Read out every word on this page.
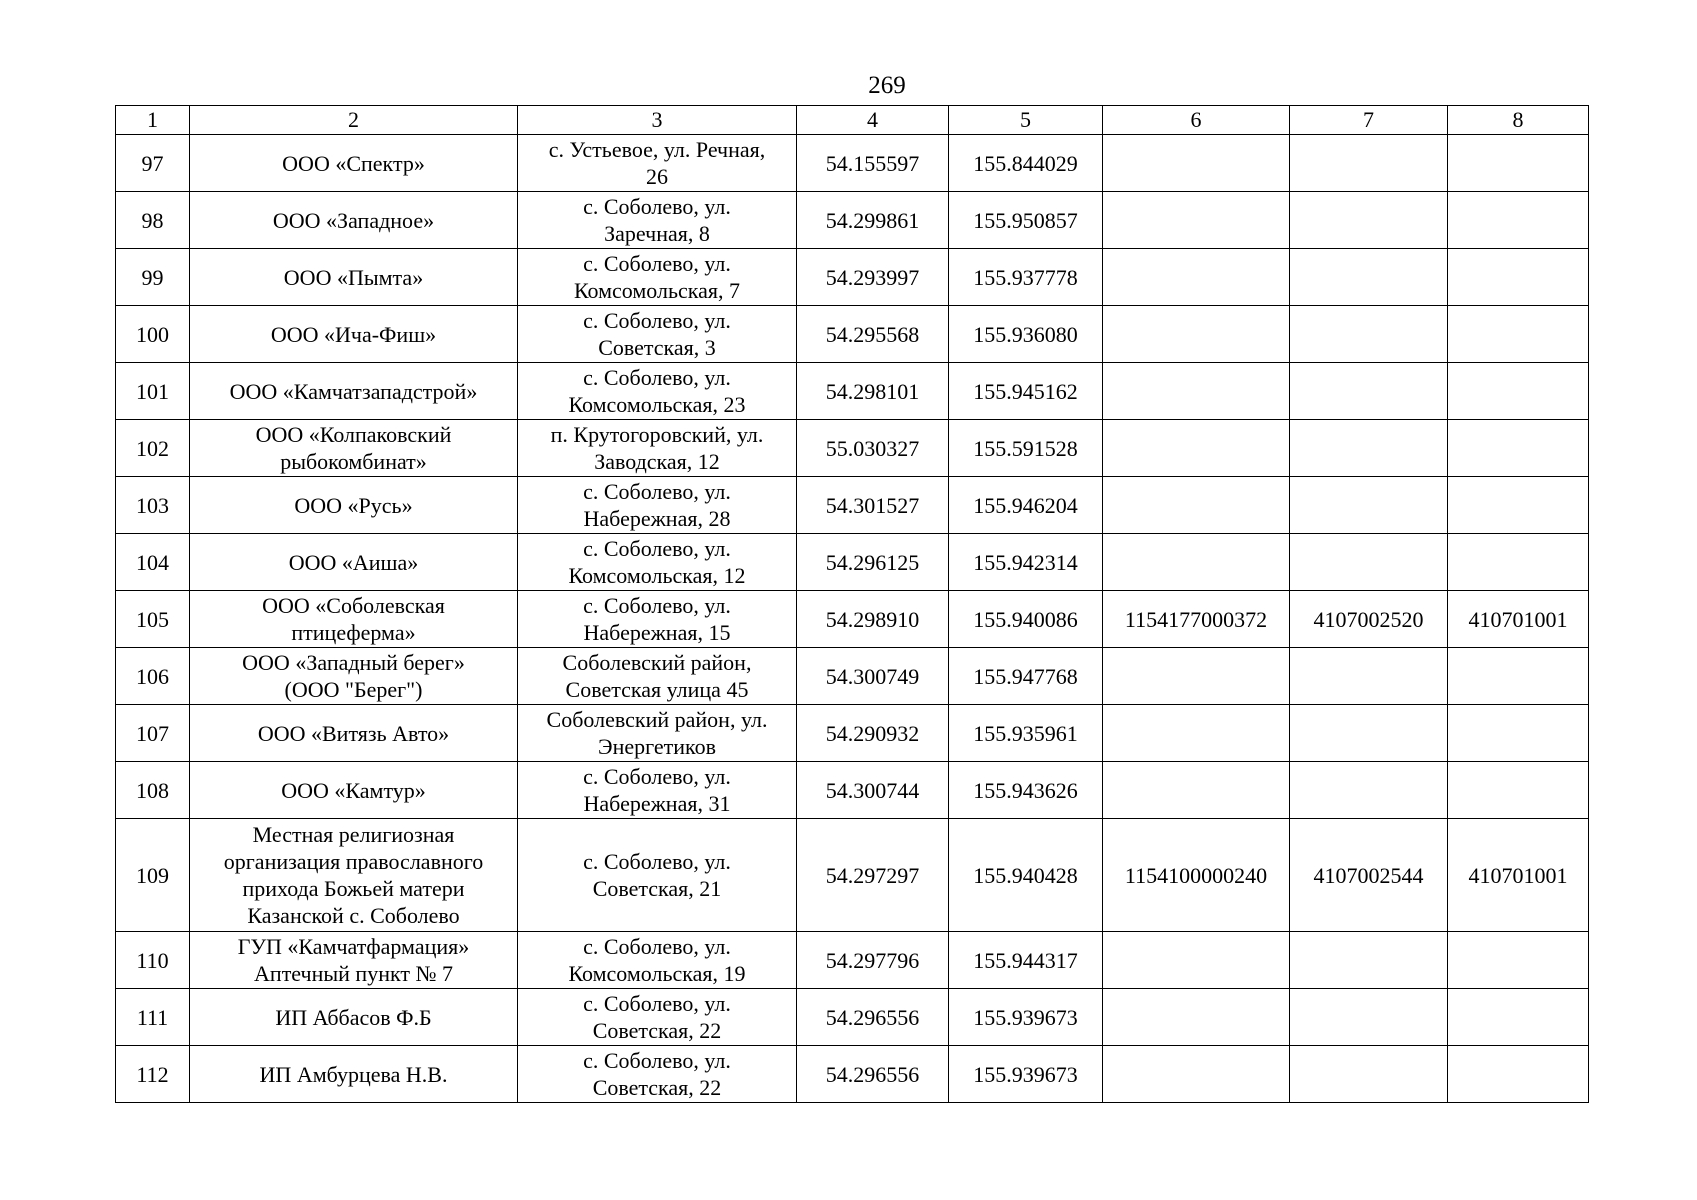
269
1	2	3	4	5	6	7	8
97	ООО «Спектр»	с. Устьевое, ул. Речная,
26	54.155597	155.844029			
98	ООО «Западное»	с. Соболево, ул.
Заречная, 8	54.299861	155.950857			
99	ООО «Пымта»	с. Соболево, ул.
Комсомольская, 7	54.293997	155.937778			
100	ООО «Ича-Фиш»	с. Соболево, ул.
Советская, 3	54.295568	155.936080			
101	ООО «Камчатзападстрой»	с. Соболево, ул.
Комсомольская, 23	54.298101	155.945162			
102	ООО «Колпаковский
рыбокомбинат»	п. Крутогоровский, ул.
Заводская, 12	55.030327	155.591528			
103	ООО «Русь»	с. Соболево, ул.
Набережная, 28	54.301527	155.946204			
104	ООО «Аиша»	с. Соболево, ул.
Комсомольская, 12	54.296125	155.942314			
105	ООО «Соболевская
птицеферма»	с. Соболево, ул.
Набережная, 15	54.298910	155.940086	1154177000372	4107002520	410701001
106	ООО «Западный берег»
(ООО "Берег")	Соболевский район,
Советская улица 45	54.300749	155.947768			
107	ООО «Витязь Авто»	Соболевский район, ул.
Энергетиков	54.290932	155.935961			
108	ООО «Камтур»	с. Соболево, ул.
Набережная, 31	54.300744	155.943626			
109	Местная религиозная
организация православного
прихода Божьей матери
Казанской с. Соболево	с. Соболево, ул.
Советская, 21	54.297297	155.940428	1154100000240	4107002544	410701001
110	ГУП «Камчатфармация»
Аптечный пункт № 7	с. Соболево, ул.
Комсомольская, 19	54.297796	155.944317			
111	ИП Аббасов Ф.Б	с. Соболево, ул.
Советская, 22	54.296556	155.939673			
112	ИП Амбурцева Н.В.	с. Соболево, ул.
Советская, 22	54.296556	155.939673			
